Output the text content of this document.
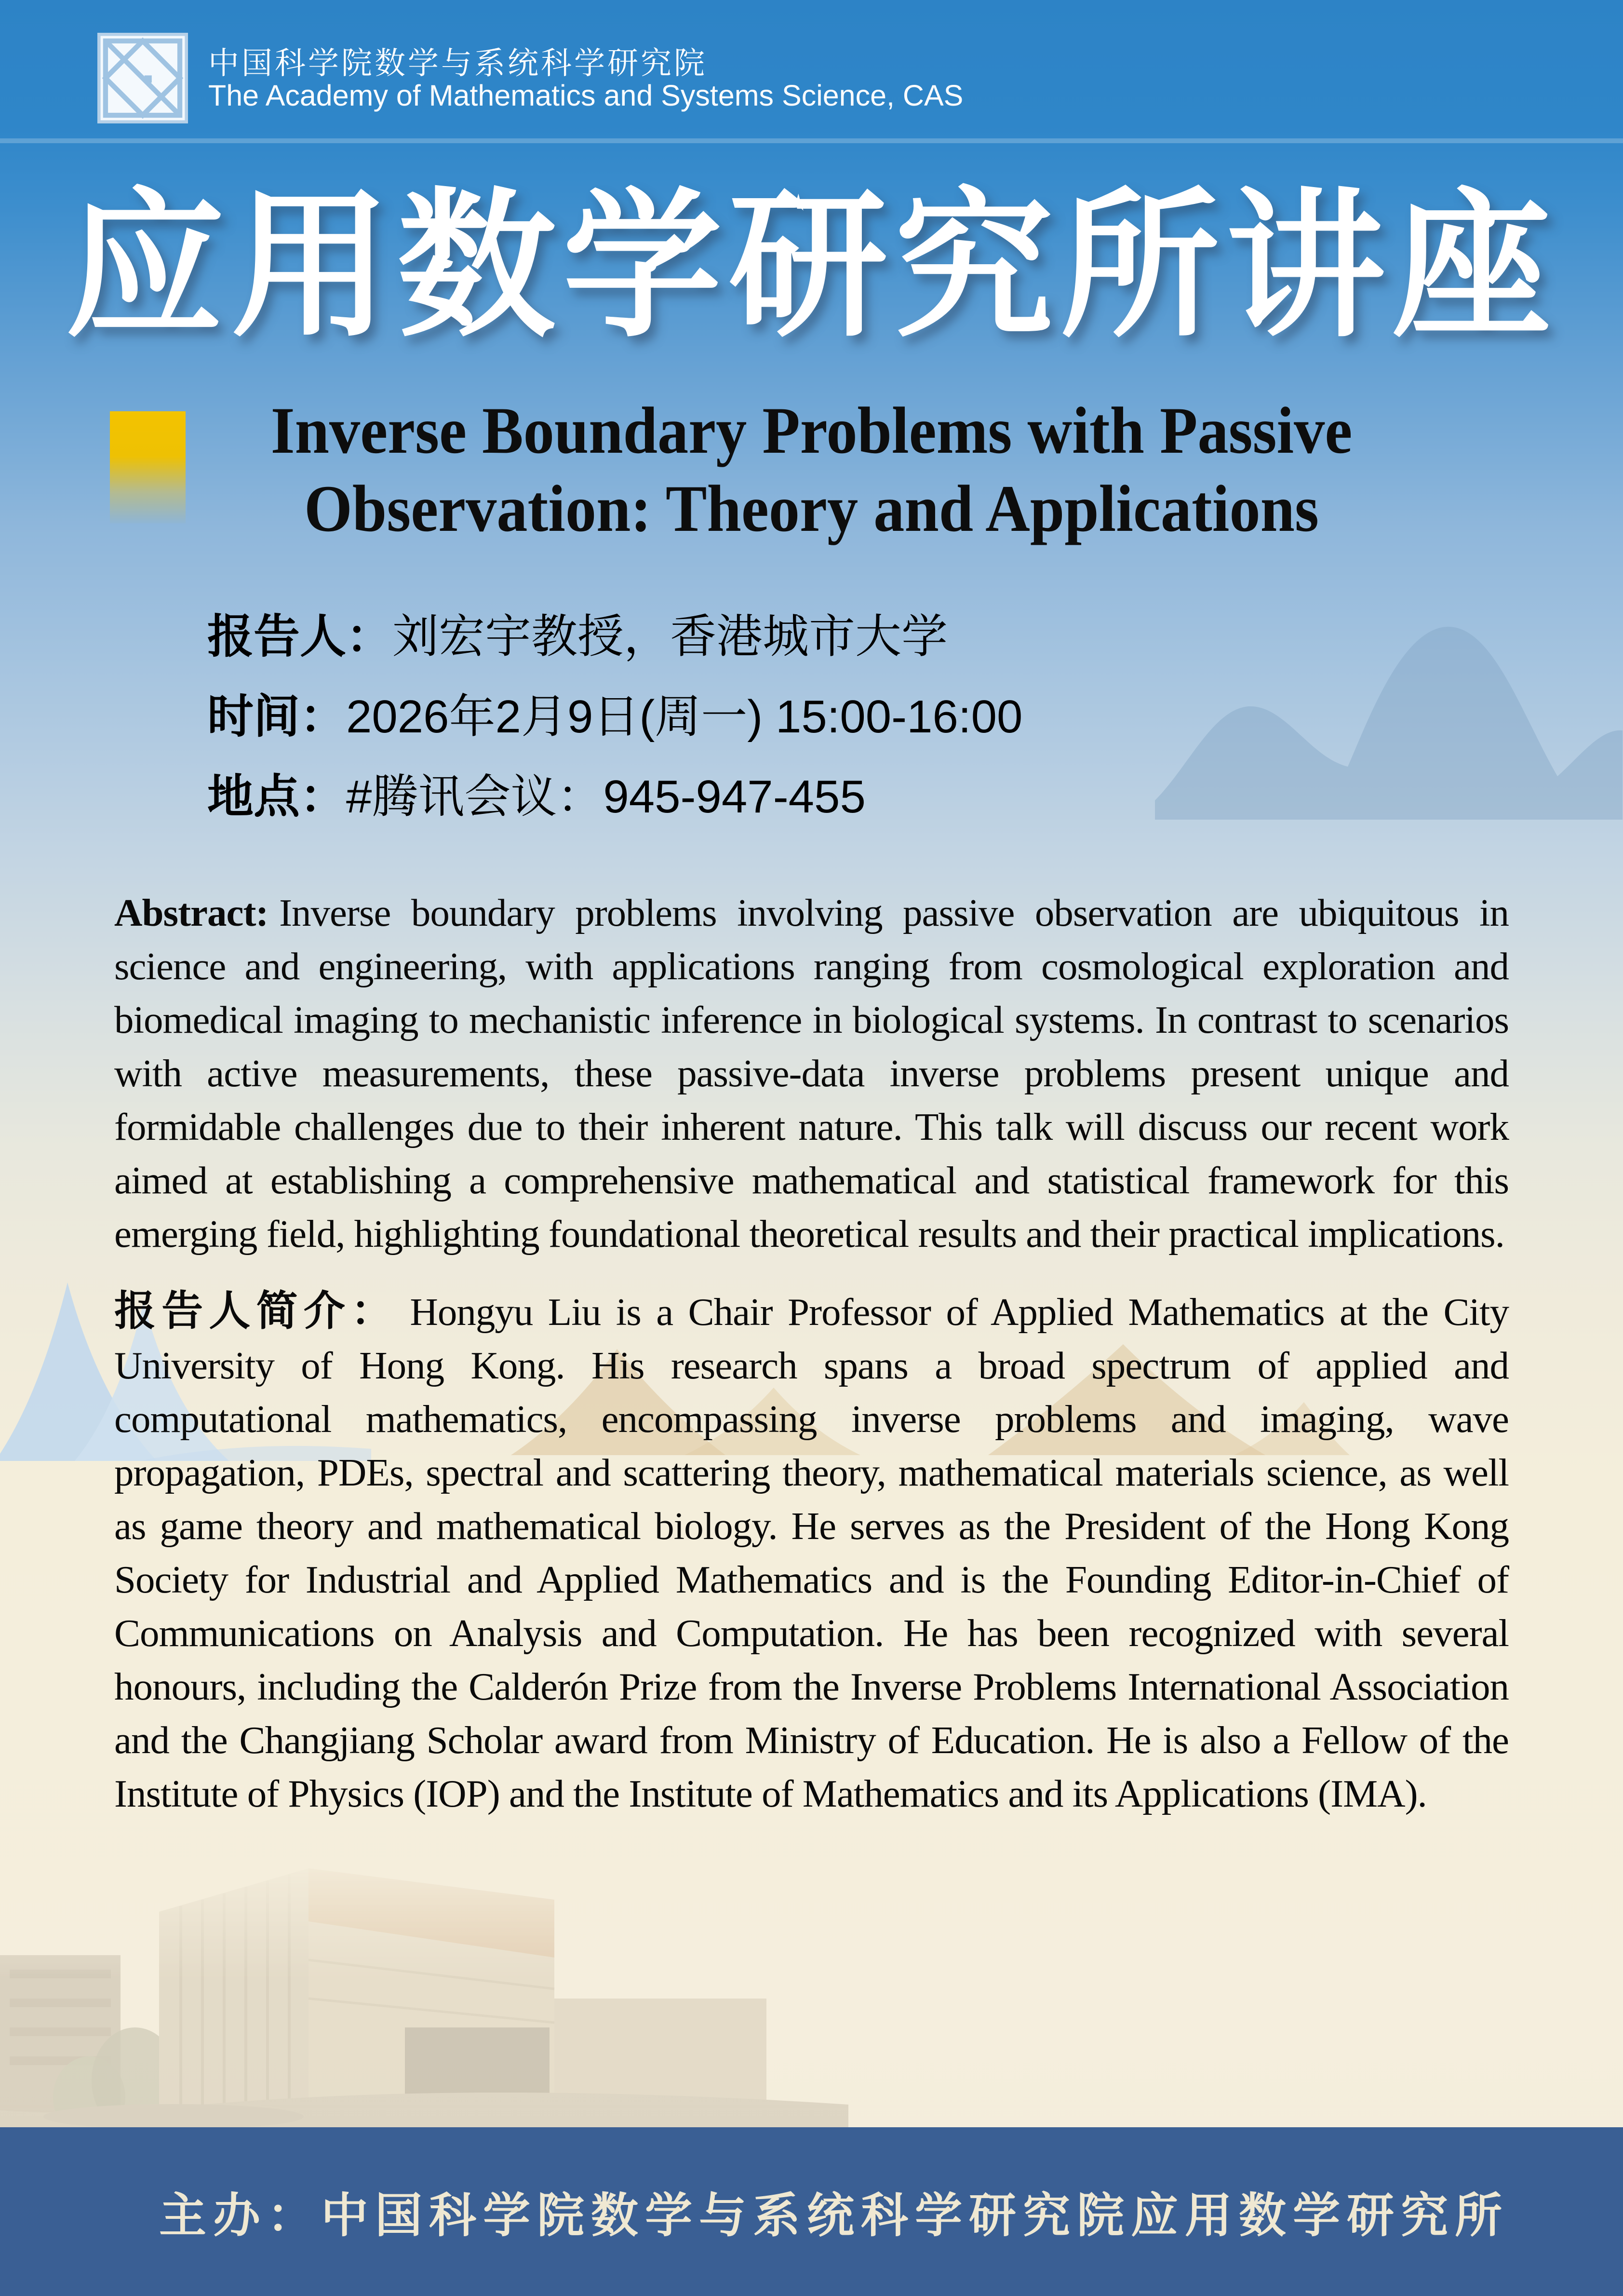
中国科学院数学与系统科学研究院
The Academy of Mathematics and Systems Science, CAS
应用数学研究所讲座
Inverse Boundary Problems with Passive
Observation: Theory and Applications
报告人：刘宏宇教授，香港城市大学
时间：2026年2月9日(周一) 15:00-16:00
地点：#腾讯会议：945-947-455

Abstract: Inverse boundary problems involving passive observation are ubiquitous in science and engineering, with applications ranging from cosmological exploration and biomedical imaging to mechanistic inference in biological systems. In contrast to scenarios with active measurements, these passive-data inverse problems present unique and formidable challenges due to their inherent nature. This talk will discuss our recent work aimed at establishing a comprehensive mathematical and statistical framework for this emerging field, highlighting foundational theoretical results and their practical implications.

报告人简介： Hongyu Liu is a Chair Professor of Applied Mathematics at the City University of Hong Kong. His research spans a broad spectrum of applied and computational mathematics, encompassing inverse problems and imaging, wave propagation, PDEs, spectral and scattering theory, mathematical materials science, as well as game theory and mathematical biology. He serves as the President of the Hong Kong Society for Industrial and Applied Mathematics and is the Founding Editor-in-Chief of Communications on Analysis and Computation. He has been recognized with several honours, including the Calderón Prize from the Inverse Problems International Association and the Changjiang Scholar award from Ministry of Education. He is also a Fellow of the Institute of Physics (IOP) and the Institute of Mathematics and its Applications (IMA).

主办：中国科学院数学与系统科学研究院应用数学研究所
